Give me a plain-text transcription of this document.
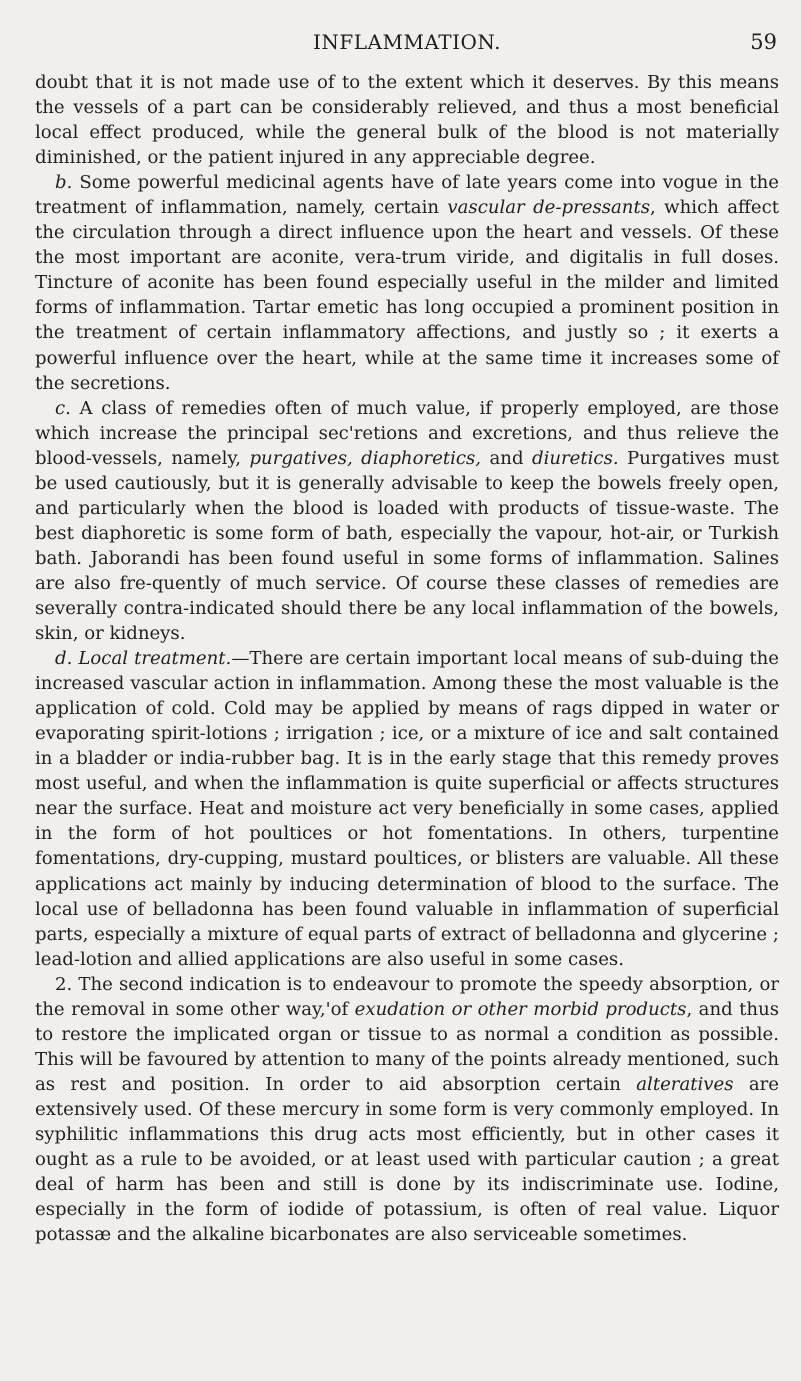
INFLAMMATION.	59

doubt that it is not made use of to the extent which it deserves. By this means the vessels of a part can be considerably relieved, and thus a most beneficial local effect produced, while the general bulk of the blood is not materially diminished, or the patient injured in any appreciable degree.

b. Some powerful medicinal agents have of late years come into vogue in the treatment of inflammation, namely, certain vascular de-pressants, which affect the circulation through a direct influence upon the heart and vessels. Of these the most important are aconite, vera-trum viride, and digitalis in full doses. Tincture of aconite has been found especially useful in the milder and limited forms of inflammation. Tartar emetic has long occupied a prominent position in the treatment of certain inflammatory affections, and justly so ; it exerts a powerful influence over the heart, while at the same time it increases some of the secretions.

c. A class of remedies often of much value, if properly employed, are those which increase the principal sec'retions and excretions, and thus relieve the blood-vessels, namely, purgatives, diaphoretics, and diuretics. Purgatives must be used cautiously, but it is generally advisable to keep the bowels freely open, and particularly when the blood is loaded with products of tissue-waste. The best diaphoretic is some form of bath, especially the vapour, hot-air, or Turkish bath. Jaborandi has been found useful in some forms of inflammation. Salines are also fre-quently of much service. Of course these classes of remedies are severally contra-indicated should there be any local inflammation of the bowels, skin, or kidneys.

d. Local treatment.—There are certain important local means of sub-duing the increased vascular action in inflammation. Among these the most valuable is the application of cold. Cold may be applied by means of rags dipped in water or evaporating spirit-lotions ; irrigation ; ice, or a mixture of ice and salt contained in a bladder or india-rubber bag. It is in the early stage that this remedy proves most useful, and when the inflammation is quite superficial or affects structures near the surface. Heat and moisture act very beneficially in some cases, applied in the form of hot poultices or hot fomentations. In others, turpentine fomentations, dry-cupping, mustard poultices, or blisters are valuable. All these applications act mainly by inducing determination of blood to the surface. The local use of belladonna has been found valuable in inflammation of superficial parts, especially a mixture of equal parts of extract of belladonna and glycerine ; lead-lotion and allied applications are also useful in some cases.

2. The second indication is to endeavour to promote the speedy absorption, or the removal in some other way,'of exudation or other morbid products, and thus to restore the implicated organ or tissue to as normal a condition as possible. This will be favoured by attention to many of the points already mentioned, such as rest and position. In order to aid absorption certain alteratives are extensively used. Of these mercury in some form is very commonly employed. In syphilitic inflammations this drug acts most efficiently, but in other cases it ought as a rule to be avoided, or at least used with particular caution ; a great deal of harm has been and still is done by its indiscriminate use. Iodine, especially in the form of iodide of potassium, is often of real value. Liquor potassæ and the alkaline bicarbonates are also serviceable sometimes.
